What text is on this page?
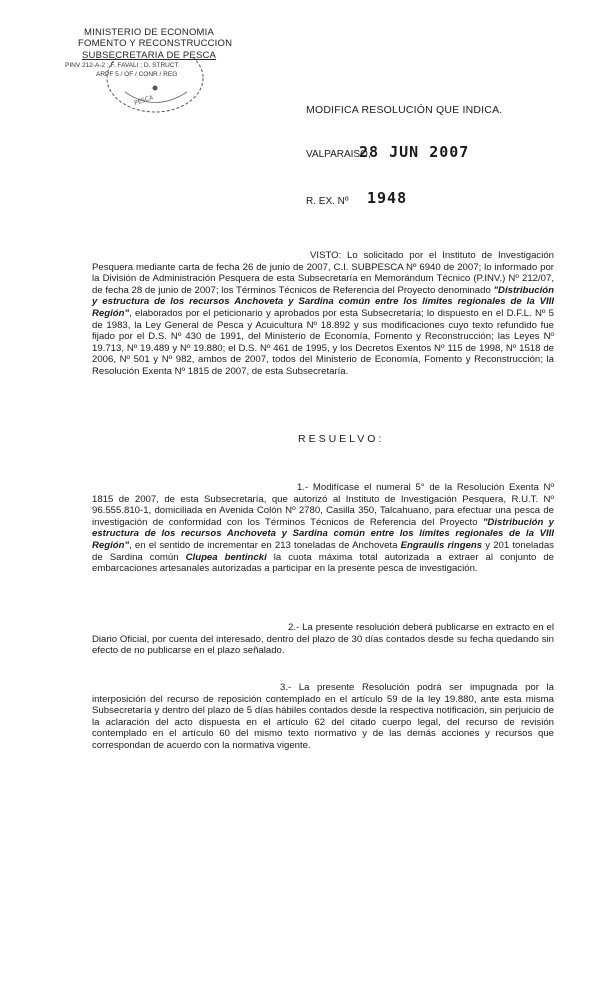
MINISTERIO DE ECONOMIA
FOMENTO Y RECONSTRUCCION
SUBSECRETARIA DE PESCA
PINV 212-A-2 ; F. FAVALI ; D. STRUCT.
ARPF 5 / OF / CONR / REG
PESCA
MODIFICA RESOLUCIÓN QUE INDICA.
VALPARAISO,
28 JUN 2007
R. EX. Nº 1948
VISTO: Lo solicitado por el Instituto de Investigación Pesquera mediante carta de fecha 26 de junio de 2007, C.I. SUBPESCA Nº 6940 de 2007; lo informado por la División de Administración Pesquera de esta Subsecretaría en Memorándum Técnico (P.INV.) Nº 212/07, de fecha 28 de junio de 2007; los Términos Técnicos de Referencia del Proyecto denominado "Distribución y estructura de los recursos Anchoveta y Sardina común entre los límites regionales de la VIII Región", elaborados por el peticionario y aprobados por esta Subsecretaría; lo dispuesto en el D.F.L. Nº 5 de 1983, la Ley General de Pesca y Acuicultura Nº 18.892 y sus modificaciones cuyo texto refundido fue fijado por el D.S. Nº 430 de 1991, del Ministerio de Economía, Fomento y Reconstrucción; las Leyes Nº 19.713, Nº 19.489 y Nº 19.880; el D.S. Nº 461 de 1995, y los Decretos Exentos Nº 115 de 1998, Nº 1518 de 2006, Nº 501 y Nº 982, ambos de 2007, todos del Ministerio de Economía, Fomento y Reconstrucción; la Resolución Exenta Nº 1815 de 2007, de esta Subsecretaría.
RESUELVO:
1.- Modifícase el numeral 5° de la Resolución Exenta Nº 1815 de 2007, de esta Subsecretaría, que autorizó al Instituto de Investigación Pesquera, R.U.T. Nº 96.555.810-1, domiciliada en Avenida Colón Nº 2780, Casilla 350, Talcahuano, para efectuar una pesca de investigación de conformidad con los Términos Técnicos de Referencia del Proyecto "Distribución y estructura de los recursos Anchoveta y Sardina común entre los límites regionales de la VIII Región", en el sentido de incrementar en 213 toneladas de Anchoveta Engraulis ringens y 201 toneladas de Sardina común Clupea bentincki la cuota máxima total autorizada a extraer al conjunto de embarcaciones artesanales autorizadas a participar en la presente pesca de investigación.
2.- La presente resolución deberá publicarse en extracto en el Diario Oficial, por cuenta del interesado, dentro del plazo de 30 días contados desde su fecha quedando sin efecto de no publicarse en el plazo señalado.
3.- La presente Resolución podrá ser impugnada por la interposición del recurso de reposición contemplado en el artículo 59 de la ley 19.880, ante esta misma Subsecretaría y dentro del plazo de 5 días hábiles contados desde la respectiva notificación, sin perjuicio de la aclaración del acto dispuesta en el artículo 62 del citado cuerpo legal, del recurso de revisión contemplado en el artículo 60 del mismo texto normativo y de las demás acciones y recursos que correspondan de acuerdo con la normativa vigente.
